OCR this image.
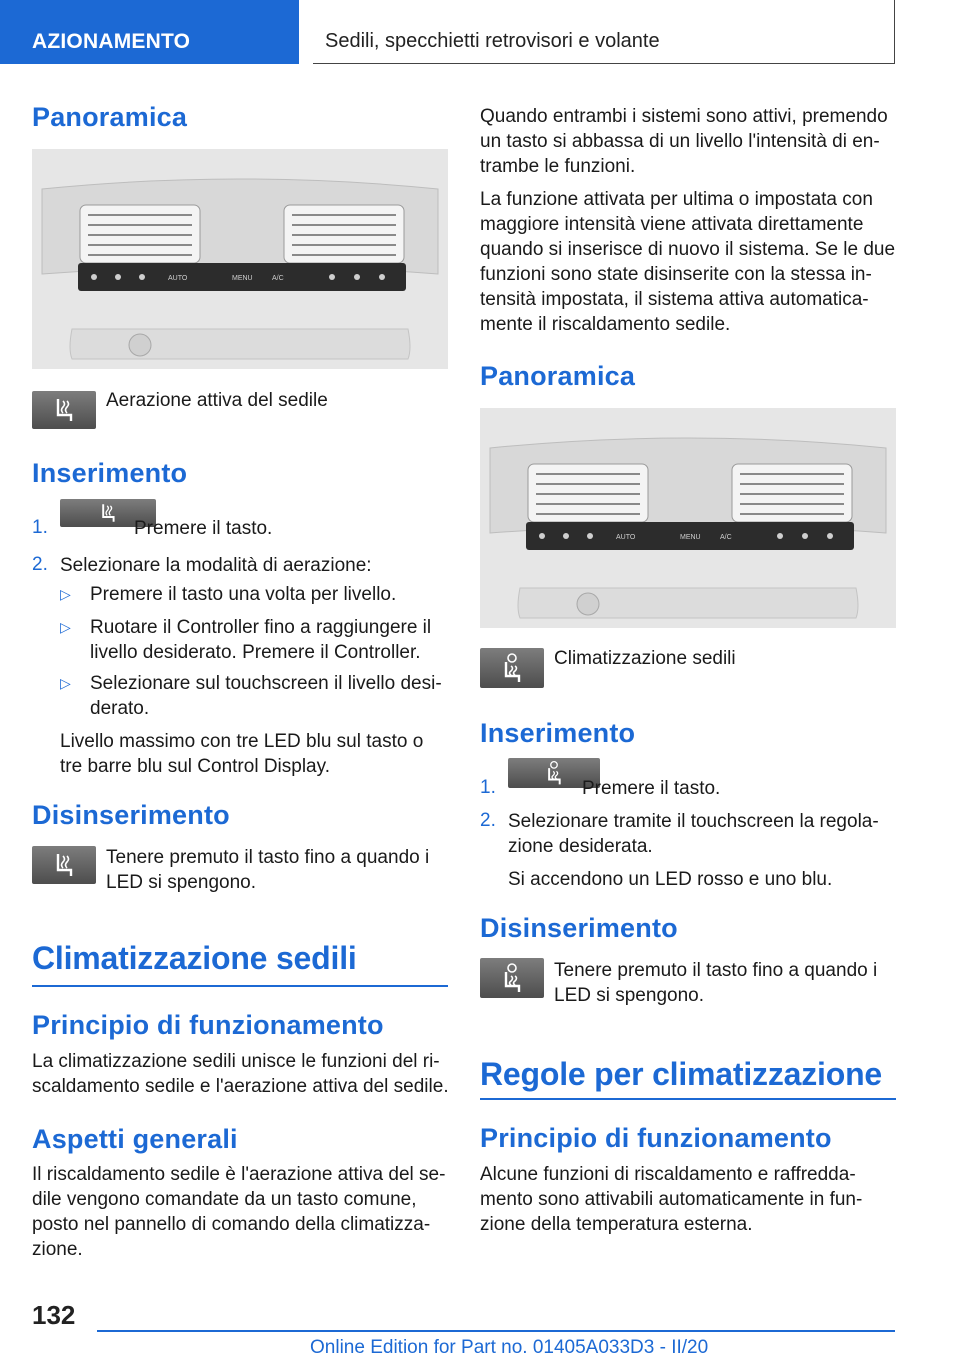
AZIONAMENTO	Sedili, specchietti retrovisori e volante
Panoramica
AUTO	MENU	A/C
Aerazione attiva del sedile
Inserimento
1.	Premere il tasto.
2. Selezionare la modalità di aerazione:
▷ Premere il tasto una volta per livello.
▷ Ruotare il Controller fino a raggiungere il
livello desiderato. Premere il Controller.
▷ Selezionare sul touchscreen il livello desi‐
derato.
Livello massimo con tre LED blu sul tasto o
tre barre blu sul Control Display.
Disinserimento
Tenere premuto il tasto fino a quando i
LED si spengono.
Climatizzazione sedili
Principio di funzionamento
La climatizzazione sedili unisce le funzioni del ri‐
scaldamento sedile e l'aerazione attiva del sedile.
Aspetti generali
Il riscaldamento sedile è l'aerazione attiva del se‐
dile vengono comandate da un tasto comune,
posto nel pannello di comando della climatizza‐
zione.
Quando entrambi i sistemi sono attivi, premendo
un tasto si abbassa di un livello l'intensità di en‐
trambe le funzioni.
La funzione attivata per ultima o impostata con
maggiore intensità viene attivata direttamente
quando si inserisce di nuovo il sistema. Se le due
funzioni sono state disinserite con la stessa in‐
tensità impostata, il sistema attiva automatica‐
mente il riscaldamento sedile.
Panoramica
AUTO	MENU	A/C
Climatizzazione sedili
Inserimento
1.	Premere il tasto.
2. Selezionare tramite il touchscreen la regola‐
zione desiderata.
Si accendono un LED rosso e uno blu.
Disinserimento
Tenere premuto il tasto fino a quando i
LED si spengono.
Regole per climatizzazione
Principio di funzionamento
Alcune funzioni di riscaldamento e raffredda‐
mento sono attivabili automaticamente in fun‐
zione della temperatura esterna.
132
Online Edition for Part no. 01405A033D3 - II/20
